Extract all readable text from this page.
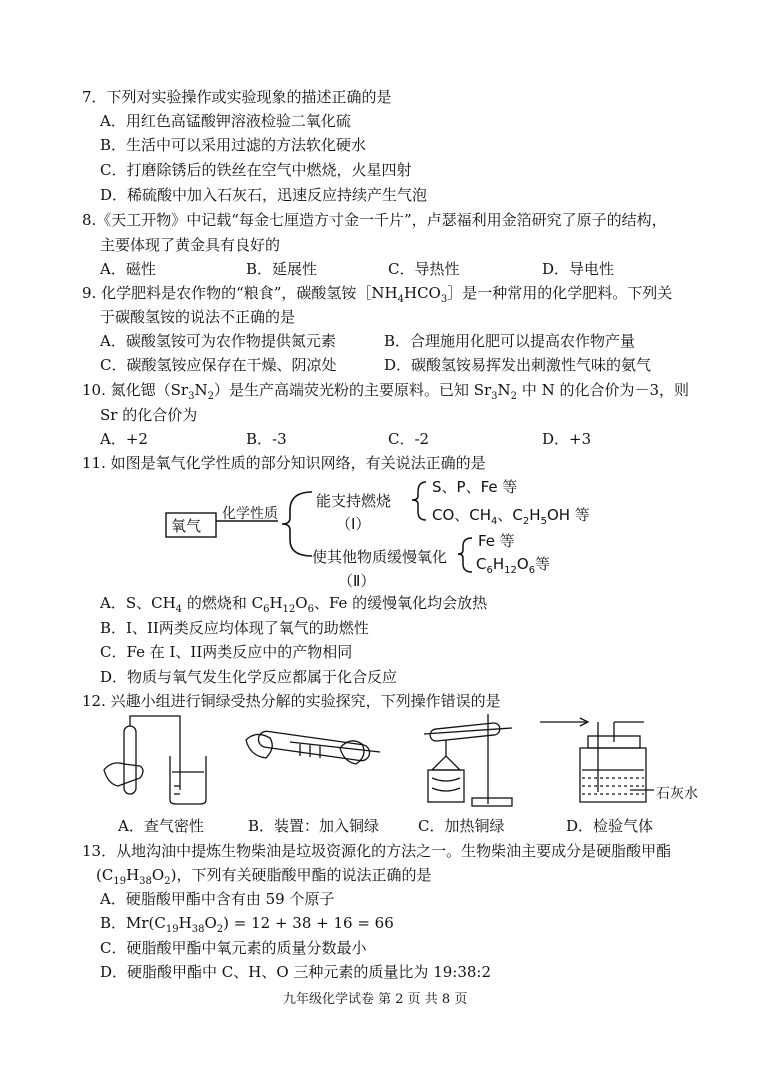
7．下列对实验操作或实验现象的描述正确的是
A．用红色高锰酸钾溶液检验二氧化硫
B．生活中可以采用过滤的方法软化硬水
C．打磨除锈后的铁丝在空气中燃烧，火星四射
D．稀硫酸中加入石灰石，迅速反应持续产生气泡
8.《天工开物》中记载“每金七厘造方寸金一千片”，卢瑟福利用金箔研究了原子的结构，
主要体现了黄金具有良好的
A．磁性	B．延展性	C．导热性	D．导电性
9. 化学肥料是农作物的“粮食”，碳酸氢铵$[NH_4HCO_3]$是一种常用的化学肥料。下列关
于碳酸氢铵的说法不正确的是
A．碳酸氢铵可为农作物提供氮元素	B．合理施用化肥可以提高农作物产量
C．碳酸氢铵应保存在干燥、阴凉处	D．碳酸氢铵易挥发出刺激性气味的氨气
10. 氮化锶$(Sr_3N_2)$是生产高端荧光粉的主要原料。已知 $Sr_3N_2$ 中 N 的化合价为－3，则
Sr 的化合价为
A．+2	B．-3	C．-2	D．+3
11. 如图是氧气化学性质的部分知识网络，有关说法正确的是
氧气
化学性质
能支持燃烧
（Ⅰ）
S、P、Fe 等
CO、$CH_4$、$C_2H_5OH$ 等
使其他物质缓慢氧化
（Ⅱ）
Fe 等
$C_6H_{12}O_6$等
A．S、$CH_4$ 的燃烧和 $C_6H_{12}O_6$、Fe 的缓慢氧化均会放热
B．I、II两类反应均体现了氧气的助燃性
C．Fe 在 I、II两类反应中的产物相同
D．物质与氧气发生化学反应都属于化合反应
12. 兴趣小组进行铜绿受热分解的实验探究，下列操作错误的是
石灰水
A．查气密性	B．装置：加入铜绿	C．加热铜绿	D．检验气体
13．从地沟油中提炼生物柴油是垃圾资源化的方法之一。生物柴油主要成分是硬脂酸甲酯
$(C_{19}H_{38}O_2)$，下列有关硬脂酸甲酯的说法正确的是
A．硬脂酸甲酯中含有由 59 个原子
B．$Mr(C_{19}H_{38}O_2) = 12 + 38 + 16 = 66$
C．硬脂酸甲酯中氧元素的质量分数最小
D．硬脂酸甲酯中 C、H、O 三种元素的质量比为 19:38:2
九年级化学试卷 第 2 页 共 8 页
